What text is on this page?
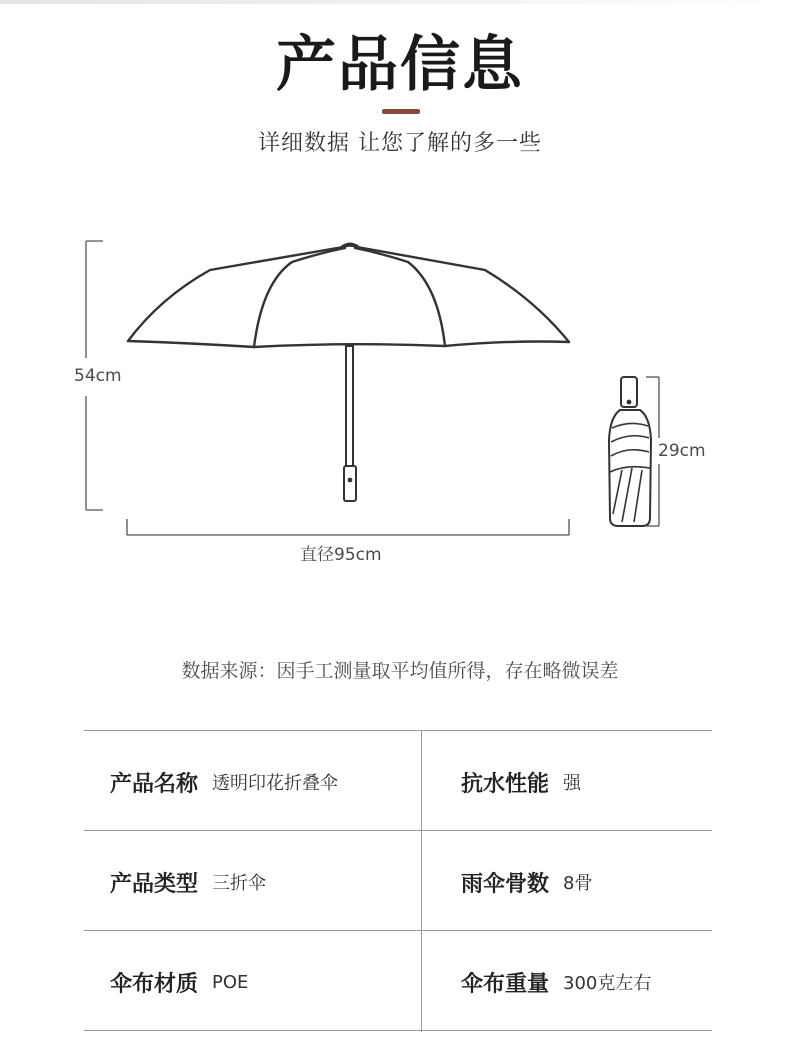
产品信息
详细数据 让您了解的多一些
54cm
直径95cm
29cm
数据来源：因手工测量取平均值所得，存在略微误差
产品名称 透明印花折叠伞	抗水性能 强
产品类型 三折伞	雨伞骨数 8骨
伞布材质 POE	伞布重量 300克左右
